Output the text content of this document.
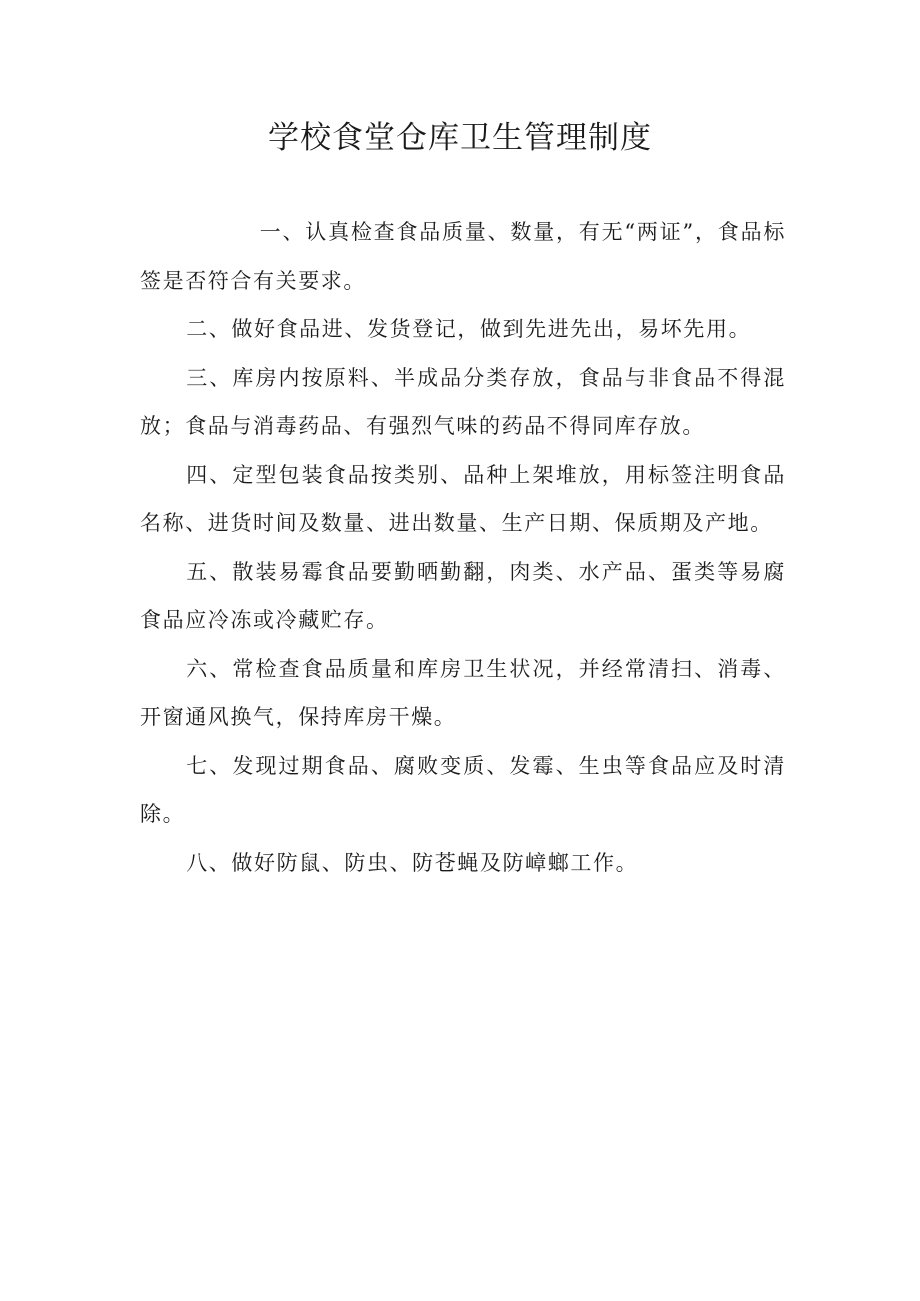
学校食堂仓库卫生管理制度

一、认真检查食品质量、数量，有无“两证”，食品标签是否符合有关要求。

二、做好食品进、发货登记，做到先进先出，易坏先用。

三、库房内按原料、半成品分类存放，食品与非食品不得混放；食品与消毒药品、有强烈气味的药品不得同库存放。

四、定型包装食品按类别、品种上架堆放，用标签注明食品名称、进货时间及数量、进出数量、生产日期、保质期及产地。

五、散装易霉食品要勤晒勤翻，肉类、水产品、蛋类等易腐食品应冷冻或冷藏贮存。

六、常检查食品质量和库房卫生状况，并经常清扫、消毒、开窗通风换气，保持库房干燥。

七、发现过期食品、腐败变质、发霉、生虫等食品应及时清除。

八、做好防鼠、防虫、防苍蝇及防嶂螂工作。
